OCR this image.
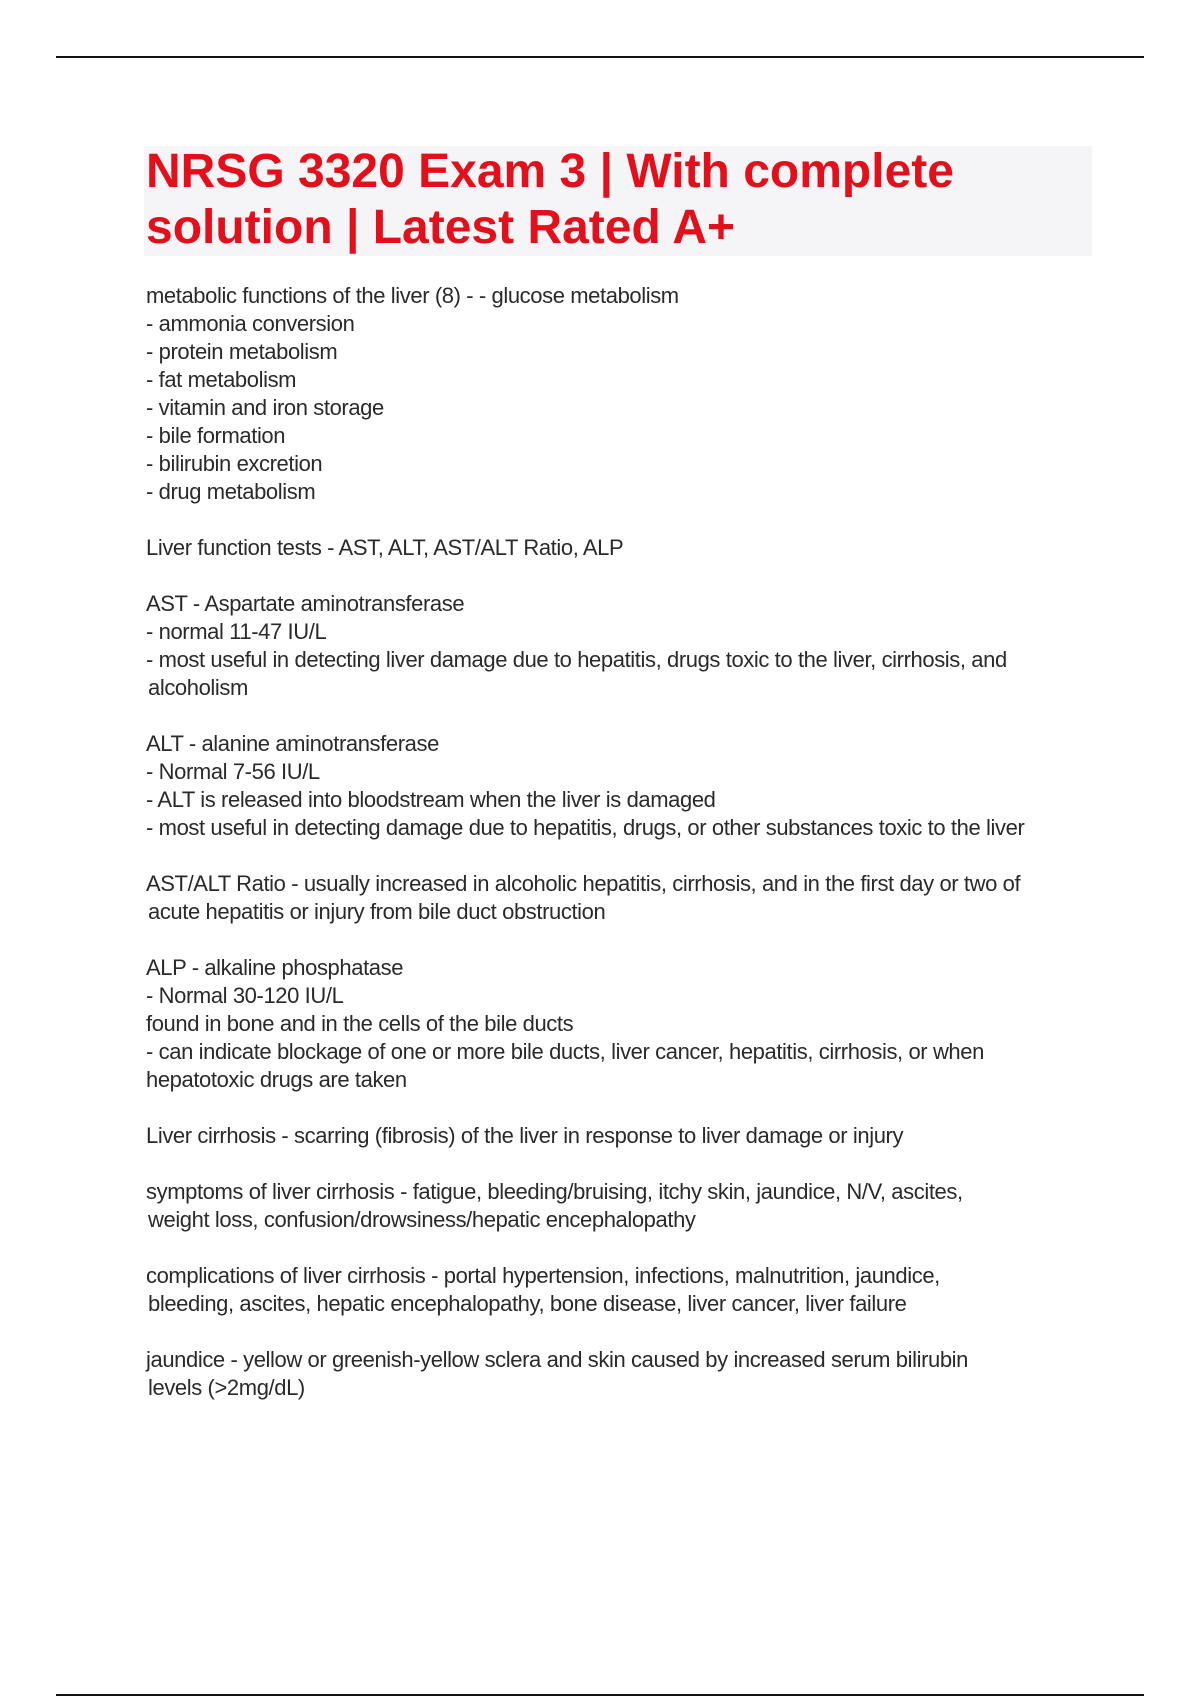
NRSG 3320 Exam 3 | With complete
solution | Latest Rated A+
metabolic functions of the liver (8) - - glucose metabolism
- ammonia conversion
- protein metabolism
- fat metabolism
- vitamin and iron storage
- bile formation
- bilirubin excretion
- drug metabolism
Liver function tests - AST, ALT, AST/ALT Ratio, ALP
AST - Aspartate aminotransferase
- normal 11-47 IU/L
- most useful in detecting liver damage due to hepatitis, drugs toxic to the liver, cirrhosis, and
alcoholism
ALT - alanine aminotransferase
- Normal 7-56 IU/L
- ALT is released into bloodstream when the liver is damaged
- most useful in detecting damage due to hepatitis, drugs, or other substances toxic to the liver
AST/ALT Ratio - usually increased in alcoholic hepatitis, cirrhosis, and in the first day or two of
acute hepatitis or injury from bile duct obstruction
ALP - alkaline phosphatase
- Normal 30-120 IU/L
found in bone and in the cells of the bile ducts
- can indicate blockage of one or more bile ducts, liver cancer, hepatitis, cirrhosis, or when
hepatotoxic drugs are taken
Liver cirrhosis - scarring (fibrosis) of the liver in response to liver damage or injury
symptoms of liver cirrhosis - fatigue, bleeding/bruising, itchy skin, jaundice, N/V, ascites,
weight loss, confusion/drowsiness/hepatic encephalopathy
complications of liver cirrhosis - portal hypertension, infections, malnutrition, jaundice,
bleeding, ascites, hepatic encephalopathy, bone disease, liver cancer, liver failure
jaundice - yellow or greenish-yellow sclera and skin caused by increased serum bilirubin
levels (>2mg/dL)
